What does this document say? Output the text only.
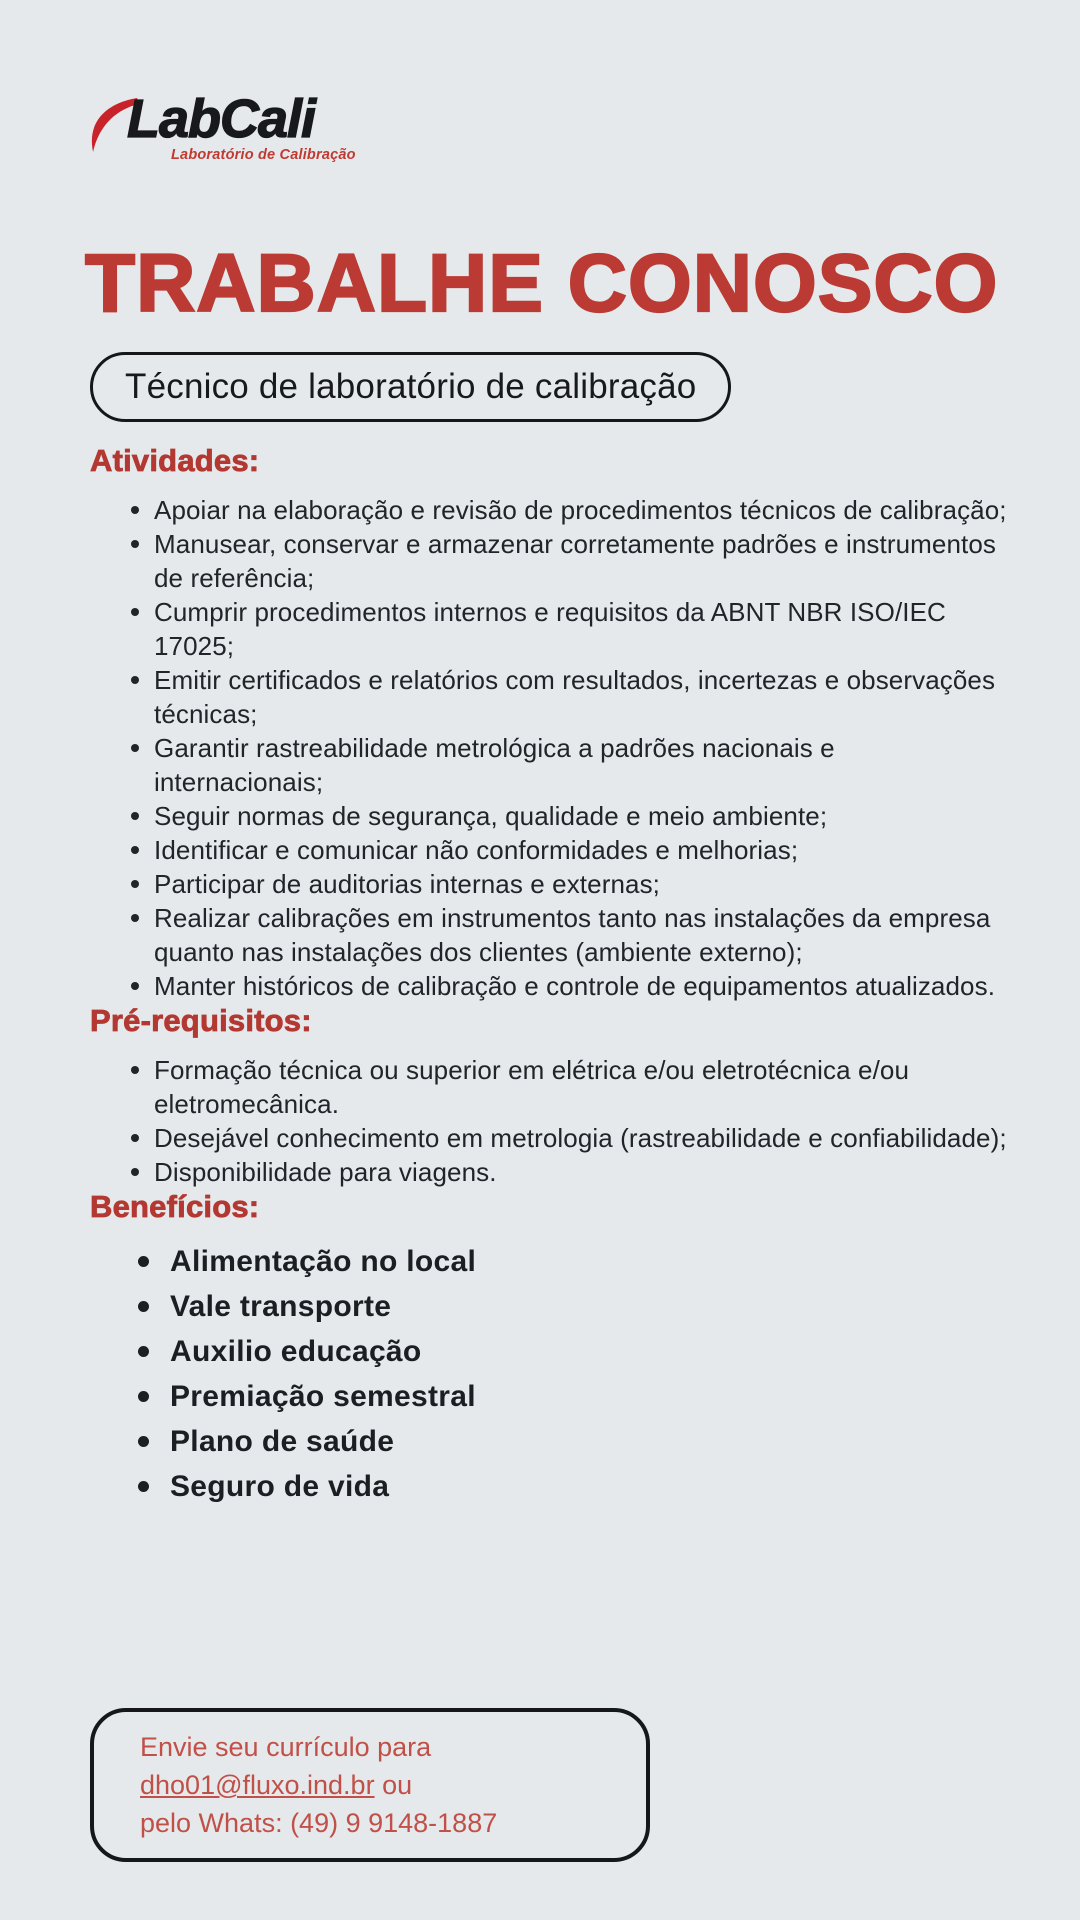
LabCali
Laboratório de Calibração
TRABALHE CONOSCO
Técnico de laboratório de calibração
Atividades:
Apoiar na elaboração e revisão de procedimentos técnicos de calibração;
Manusear, conservar e armazenar corretamente padrões e instrumentos de referência;
Cumprir procedimentos internos e requisitos da ABNT NBR ISO/IEC 17025;
Emitir certificados e relatórios com resultados, incertezas e observações técnicas;
Garantir rastreabilidade metrológica a padrões nacionais e internacionais;
Seguir normas de segurança, qualidade e meio ambiente;
Identificar e comunicar não conformidades e melhorias;
Participar de auditorias internas e externas;
Realizar calibrações em instrumentos tanto nas instalações da empresa quanto nas instalações dos clientes (ambiente externo);
Manter históricos de calibração e controle de equipamentos atualizados.
Pré-requisitos:
Formação técnica ou superior em elétrica e/ou eletrotécnica e/ou eletromecânica.
Desejável conhecimento em metrologia (rastreabilidade e confiabilidade);
Disponibilidade para viagens.
Benefícios:
Alimentação no local
Vale transporte
Auxilio educação
Premiação semestral
Plano de saúde
Seguro de vida

Envie seu currículo para dho01@fluxo.ind.br ou

pelo Whats: (49) 9 9148-1887
